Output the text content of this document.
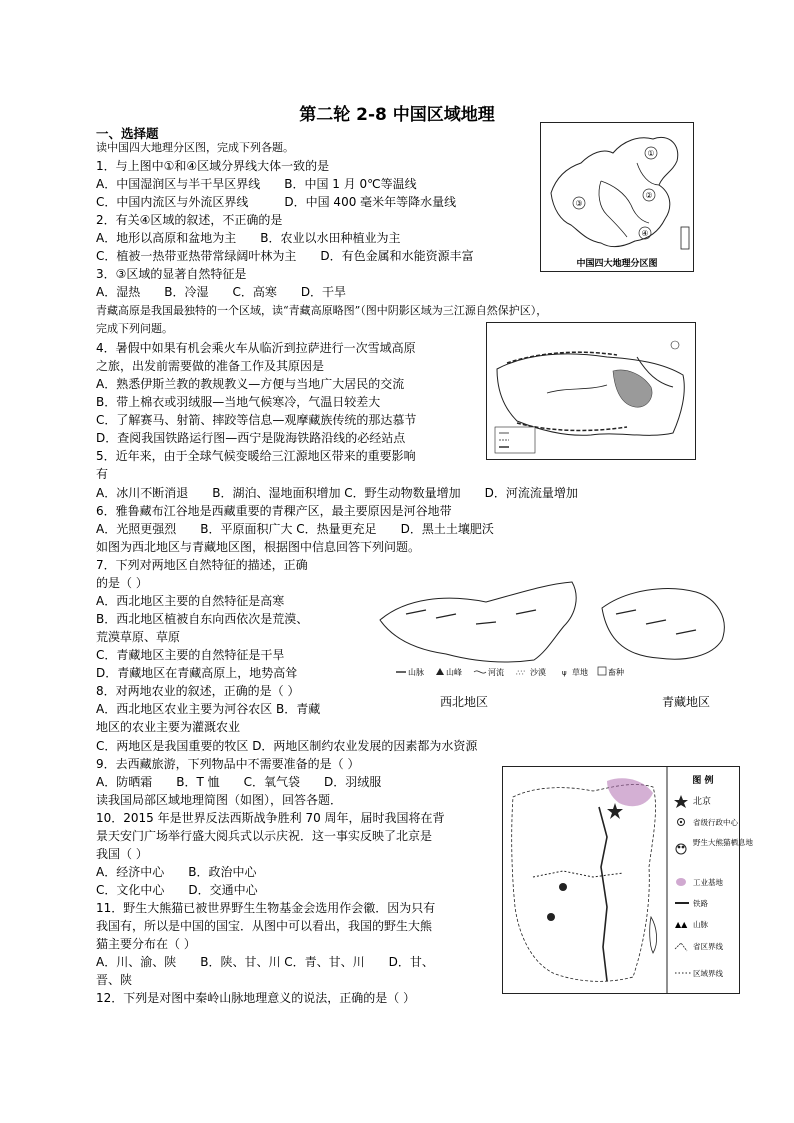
第二轮 2-8 中国区域地理
一、选择题
读中国四大地理分区图，完成下列各题。
1．与上图中①和④区域分界线大体一致的是
A．中国湿润区与半干旱区界线　　B．中国 1 月 0℃等温线
C．中国内流区与外流区界线　　　D．中国 400 毫米年等降水量线
2．有关④区域的叙述，不正确的是
A．地形以高原和盆地为主　　B．农业以水田种植业为主
C．植被一热带亚热带常绿阔叶林为主　　D．有色金属和水能资源丰富
3．③区域的显著自然特征是
A．湿热　　B．冷湿　　C．高寒　　D．干旱
青藏高原是我国最独特的一个区域，读“青藏高原略图”（图中阴影区域为三江源自然保护区），
完成下列问题。
4．暑假中如果有机会乘火车从临沂到拉萨进行一次雪域高原
之旅，出发前需要做的准备工作及其原因是
A．熟悉伊斯兰教的教规教义—方便与当地广大居民的交流
B．带上棉衣或羽绒服—当地气候寒冷，气温日较差大
C．了解赛马、射箭、摔跤等信息—观摩藏族传统的那达慕节
D．查阅我国铁路运行图—西宁是陇海铁路沿线的必经站点
5．近年来，由于全球气候变暖给三江源地区带来的重要影响
有
A．冰川不断消退　　B．湖泊、湿地面积增加 C．野生动物数量增加　　D．河流流量增加
6．雅鲁藏布江谷地是西藏重要的青稞产区，最主要原因是河谷地带
A．光照更强烈　　B．平原面积广大 C．热量更充足　　D．黑土土壤肥沃
如图为西北地区与青藏地区图，根据图中信息回答下列问题。
7．下列对两地区自然特征的描述，正确
的是（ ）
A．西北地区主要的自然特征是高寒
B．西北地区植被自东向西依次是荒漠、
荒漠草原、草原
C．青藏地区主要的自然特征是干旱
D．青藏地区在青藏高原上，地势高耸
8．对两地农业的叙述，正确的是（ ）
A．西北地区农业主要为河谷农区 B．青藏
地区的农业主要为灌溉农业
C．两地区是我国重要的牧区 D．两地区制约农业发展的因素都为水资源
9．去西藏旅游，下列物品中不需要准备的是（ ）
A．防晒霜　　B．T 恤　　C．氧气袋　　D．羽绒服
读我国局部区域地理简图（如图），回答各题．
10．2015 年是世界反法西斯战争胜利 70 周年，届时我国将在背
景天安门广场举行盛大阅兵式以示庆祝．这一事实反映了北京是
我国（ ）
A．经济中心　　B．政治中心
C．文化中心　　D．交通中心
11．野生大熊猫已被世界野生生物基金会选用作会徽．因为只有
我国有，所以是中国的国宝．从图中可以看出，我国的野生大熊
猫主要分布在（ ）
A．川、渝、陕　　B．陕、甘、川 C．青、甘、川　　D．甘、
晋、陕
12．下列是对图中秦岭山脉地理意义的说法，正确的是（ ）
①
③
②
④
中国四大地理分区图
山脉	山峰	河流 ∴∵ 沙漠 ψ 草地	畜种
西北地区	青藏地区
图 例
北京
省级行政中心
野生大熊猫栖息地
工业基地
铁路
▲▲ 山脉
省区界线
区域界线
